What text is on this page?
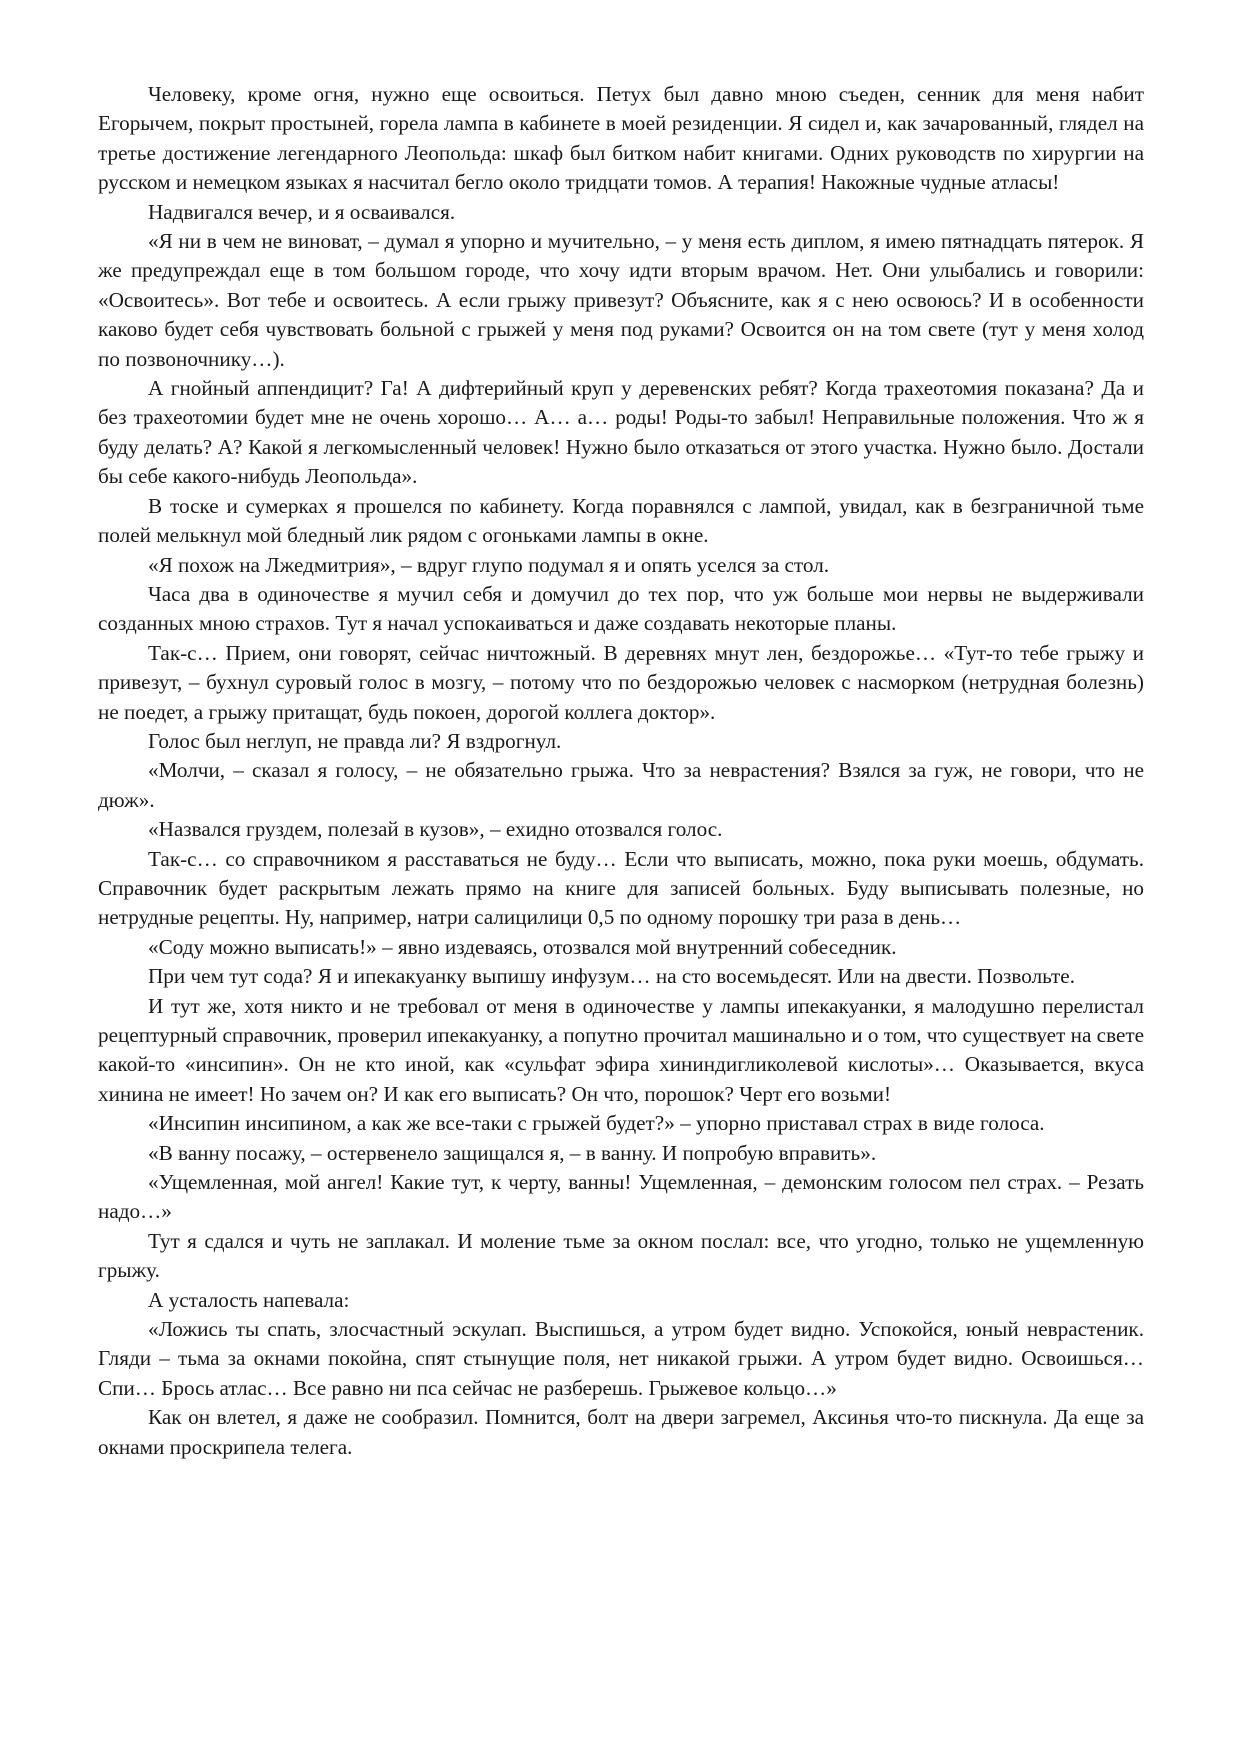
Человеку, кроме огня, нужно еще освоиться. Петух был давно мною съеден, сенник для меня набит Егорычем, покрыт простыней, горела лампа в кабинете в моей резиденции. Я сидел и, как зачарованный, глядел на третье достижение легендарного Леопольда: шкаф был битком набит книгами. Одних руководств по хирургии на русском и немецком языках я насчитал бегло около тридцати томов. А терапия! Накожные чудные атласы!

Надвигался вечер, и я осваивался.

«Я ни в чем не виноват, – думал я упорно и мучительно, – у меня есть диплом, я имею пятнадцать пятерок. Я же предупреждал еще в том большом городе, что хочу идти вторым врачом. Нет. Они улыбались и говорили: «Освоитесь». Вот тебе и освоитесь. А если грыжу привезут? Объясните, как я с нею освоюсь? И в особенности каково будет себя чувствовать больной с грыжей у меня под руками? Освоится он на том свете (тут у меня холод по позвоночнику…).

А гнойный аппендицит? Га! А дифтерийный круп у деревенских ребят? Когда трахеотомия показана? Да и без трахеотомии будет мне не очень хорошо… А… а… роды! Роды-то забыл! Неправильные положения. Что ж я буду делать? А? Какой я легкомысленный человек! Нужно было отказаться от этого участка. Нужно было. Достали бы себе какого-нибудь Леопольда».

В тоске и сумерках я прошелся по кабинету. Когда поравнялся с лампой, увидал, как в безграничной тьме полей мелькнул мой бледный лик рядом с огоньками лампы в окне.

«Я похож на Лжедмитрия», – вдруг глупо подумал я и опять уселся за стол.

Часа два в одиночестве я мучил себя и домучил до тех пор, что уж больше мои нервы не выдерживали созданных мною страхов. Тут я начал успокаиваться и даже создавать некоторые планы.

Так-с… Прием, они говорят, сейчас ничтожный. В деревнях мнут лен, бездорожье… «Тут-то тебе грыжу и привезут, – бухнул суровый голос в мозгу, – потому что по бездорожью человек с насморком (нетрудная болезнь) не поедет, а грыжу притащат, будь покоен, дорогой коллега доктор».

Голос был неглуп, не правда ли? Я вздрогнул.

«Молчи, – сказал я голосу, – не обязательно грыжа. Что за неврастения? Взялся за гуж, не говори, что не дюж».

«Назвался груздем, полезай в кузов», – ехидно отозвался голос.

Так-с… со справочником я расставаться не буду… Если что выписать, можно, пока руки моешь, обдумать. Справочник будет раскрытым лежать прямо на книге для записей больных. Буду выписывать полезные, но нетрудные рецепты. Ну, например, натри салицилици 0,5 по одному порошку три раза в день…

«Соду можно выписать!» – явно издеваясь, отозвался мой внутренний собеседник.

При чем тут сода? Я и ипекакуанку выпишу инфузум… на сто восемьдесят. Или на двести. Позвольте.

И тут же, хотя никто и не требовал от меня в одиночестве у лампы ипекакуанки, я малодушно перелистал рецептурный справочник, проверил ипекакуанку, а попутно прочитал машинально и о том, что существует на свете какой-то «инсипин». Он не кто иной, как «сульфат эфира хининдигликолевой кислоты»… Оказывается, вкуса хинина не имеет! Но зачем он? И как его выписать? Он что, порошок? Черт его возьми!

«Инсипин инсипином, а как же все-таки с грыжей будет?» – упорно приставал страх в виде голоса.

«В ванну посажу, – остервенело защищался я, – в ванну. И попробую вправить».

«Ущемленная, мой ангел! Какие тут, к черту, ванны! Ущемленная, – демонским голосом пел страх. – Резать надо…»

Тут я сдался и чуть не заплакал. И моление тьме за окном послал: все, что угодно, только не ущемленную грыжу.

А усталость напевала:

«Ложись ты спать, злосчастный эскулап. Выспишься, а утром будет видно. Успокойся, юный неврастеник. Гляди – тьма за окнами покойна, спят стынущие поля, нет никакой грыжи. А утром будет видно. Освоишься… Спи… Брось атлас… Все равно ни пса сейчас не разберешь. Грыжевое кольцо…»

Как он влетел, я даже не сообразил. Помнится, болт на двери загремел, Аксинья что-то пискнула. Да еще за окнами проскрипела телега.
